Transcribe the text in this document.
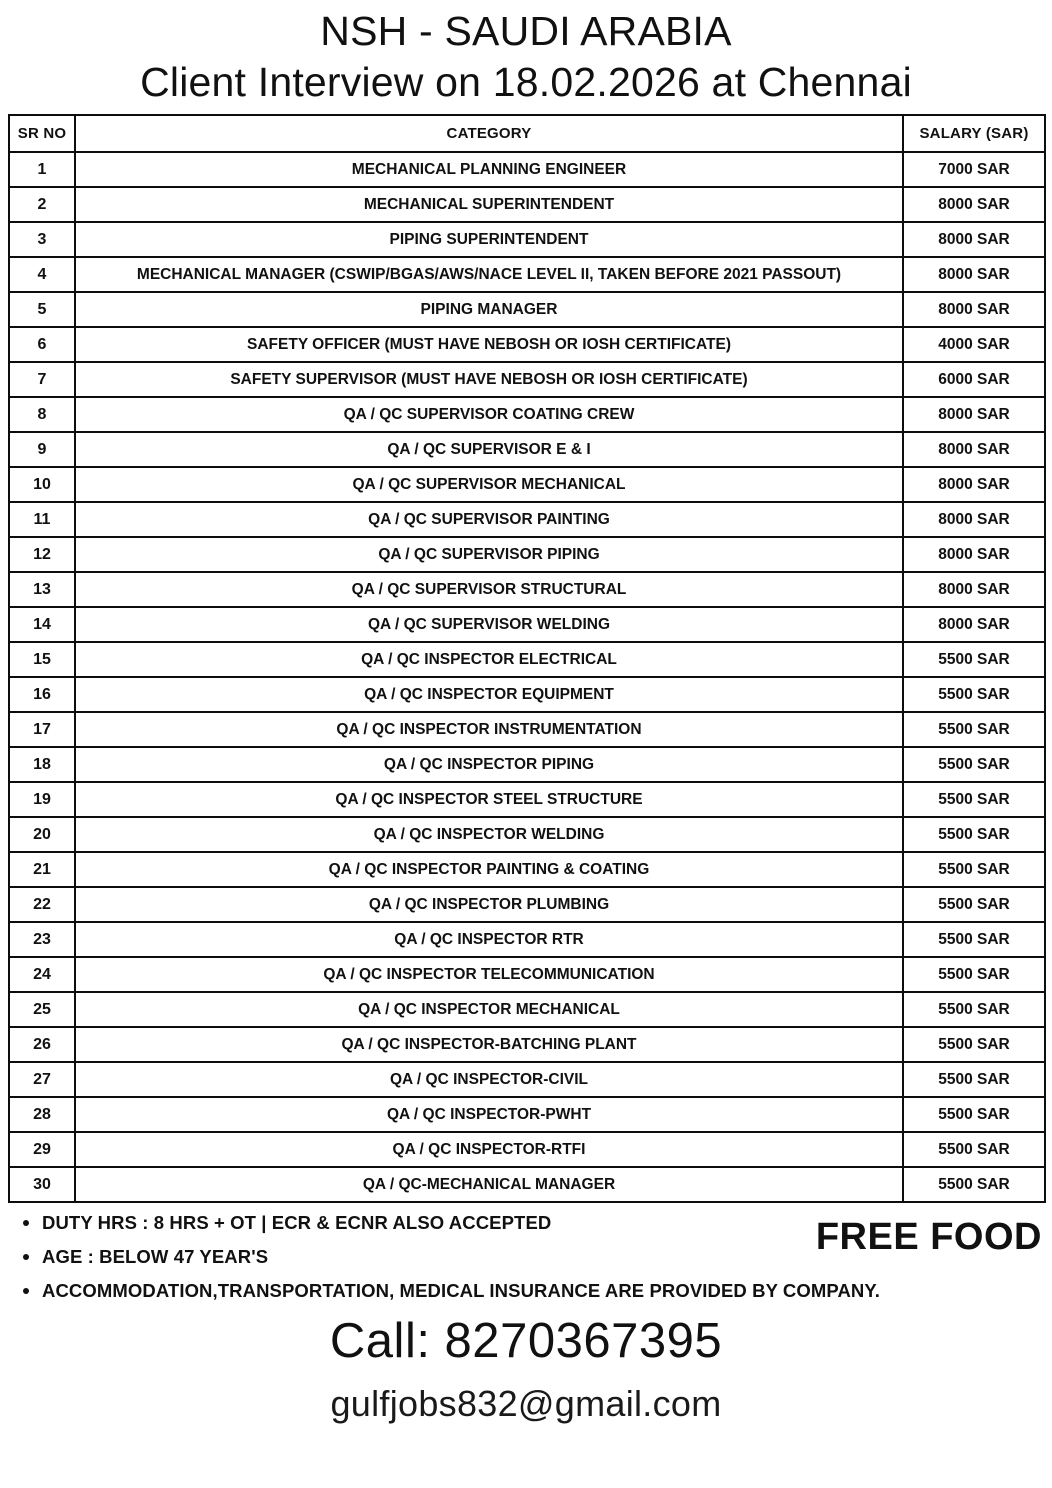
NSH - SAUDI ARABIA
Client Interview on 18.02.2026 at Chennai
SR NO	CATEGORY	SALARY (SAR)
1	MECHANICAL PLANNING ENGINEER	7000 SAR
2	MECHANICAL SUPERINTENDENT	8000 SAR
3	PIPING SUPERINTENDENT	8000 SAR
4	MECHANICAL MANAGER (CSWIP/BGAS/AWS/NACE LEVEL II, TAKEN BEFORE 2021 PASSOUT)	8000 SAR
5	PIPING MANAGER	8000 SAR
6	SAFETY OFFICER (MUST HAVE NEBOSH OR IOSH CERTIFICATE)	4000 SAR
7	SAFETY SUPERVISOR (MUST HAVE NEBOSH OR IOSH CERTIFICATE)	6000 SAR
8	QA / QC SUPERVISOR COATING CREW	8000 SAR
9	QA / QC SUPERVISOR E & I	8000 SAR
10	QA / QC SUPERVISOR MECHANICAL	8000 SAR
11	QA / QC SUPERVISOR PAINTING	8000 SAR
12	QA / QC SUPERVISOR PIPING	8000 SAR
13	QA / QC SUPERVISOR STRUCTURAL	8000 SAR
14	QA / QC SUPERVISOR WELDING	8000 SAR
15	QA / QC INSPECTOR ELECTRICAL	5500 SAR
16	QA / QC INSPECTOR EQUIPMENT	5500 SAR
17	QA / QC INSPECTOR INSTRUMENTATION	5500 SAR
18	QA / QC INSPECTOR PIPING	5500 SAR
19	QA / QC INSPECTOR STEEL STRUCTURE	5500 SAR
20	QA / QC INSPECTOR WELDING	5500 SAR
21	QA / QC INSPECTOR PAINTING & COATING	5500 SAR
22	QA / QC INSPECTOR PLUMBING	5500 SAR
23	QA / QC INSPECTOR RTR	5500 SAR
24	QA / QC INSPECTOR TELECOMMUNICATION	5500 SAR
25	QA / QC INSPECTOR MECHANICAL	5500 SAR
26	QA / QC INSPECTOR-BATCHING PLANT	5500 SAR
27	QA / QC INSPECTOR-CIVIL	5500 SAR
28	QA / QC INSPECTOR-PWHT	5500 SAR
29	QA / QC INSPECTOR-RTFI	5500 SAR
30	QA / QC-MECHANICAL MANAGER	5500 SAR
DUTY HRS : 8 HRS + OT | ECR & ECNR ALSO ACCEPTED
AGE : BELOW 47 YEAR'S
ACCOMMODATION,TRANSPORTATION, MEDICAL INSURANCE ARE PROVIDED BY COMPANY.
FREE FOOD
Call: 8270367395
gulfjobs832@gmail.com
